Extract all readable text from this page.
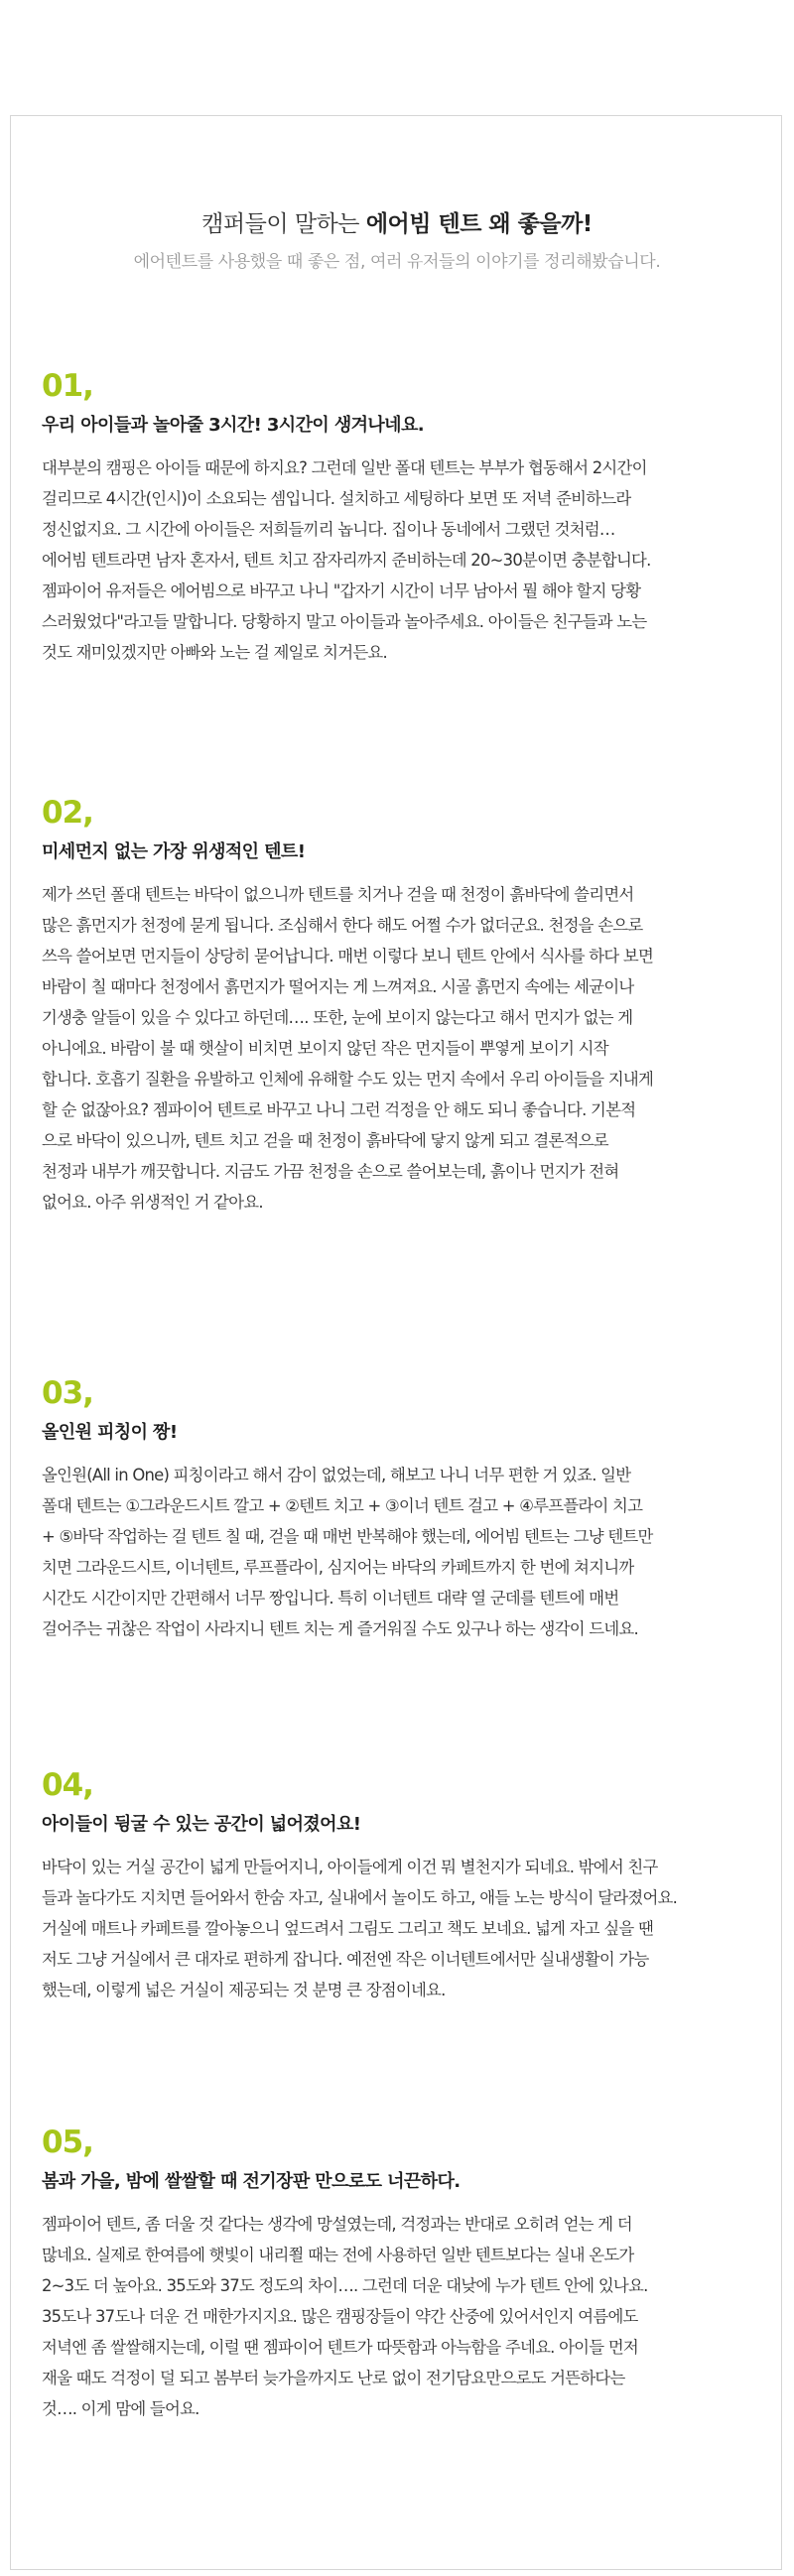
캠퍼들이 말하는 에어빔 텐트 왜 좋을까!
에어텐트를 사용했을 때 좋은 점, 여러 유저들의 이야기를 정리해봤습니다.
01,
우리 아이들과 놀아줄 3시간! 3시간이 생겨나네요.
대부분의 캠핑은 아이들 때문에 하지요? 그런데 일반 폴대 텐트는 부부가 협동해서 2시간이
걸리므로 4시간(인시)이 소요되는 셈입니다. 설치하고 세팅하다 보면 또 저녁 준비하느라
정신없지요. 그 시간에 아이들은 저희들끼리 놉니다. 집이나 동네에서 그랬던 것처럼…
에어빔 텐트라면 남자 혼자서, 텐트 치고 잠자리까지 준비하는데 20~30분이면 충분합니다.
젬파이어 유저들은 에어빔으로 바꾸고 나니 "갑자기 시간이 너무 남아서 뭘 해야 할지 당황
스러웠었다"라고들 말합니다. 당황하지 말고 아이들과 놀아주세요. 아이들은 친구들과 노는
것도 재미있겠지만 아빠와 노는 걸 제일로 치거든요.
02,
미세먼지 없는 가장 위생적인 텐트!
제가 쓰던 폴대 텐트는 바닥이 없으니까 텐트를 치거나 걷을 때 천정이 흙바닥에 쓸리면서
많은 흙먼지가 천정에 묻게 됩니다. 조심해서 한다 해도 어쩔 수가 없더군요. 천정을 손으로
쓰윽 쓸어보면 먼지들이 상당히 묻어납니다. 매번 이렇다 보니 텐트 안에서 식사를 하다 보면
바람이 칠 때마다 천정에서 흙먼지가 떨어지는 게 느껴져요. 시골 흙먼지 속에는 세균이나
기생충 알들이 있을 수 있다고 하던데…. 또한, 눈에 보이지 않는다고 해서 먼지가 없는 게
아니에요. 바람이 불 때 햇살이 비치면 보이지 않던 작은 먼지들이 뿌옇게 보이기 시작
합니다. 호흡기 질환을 유발하고 인체에 유해할 수도 있는 먼지 속에서 우리 아이들을 지내게
할 순 없잖아요? 젬파이어 텐트로 바꾸고 나니 그런 걱정을 안 해도 되니 좋습니다. 기본적
으로 바닥이 있으니까, 텐트 치고 걷을 때 천정이 흙바닥에 닿지 않게 되고 결론적으로
천정과 내부가 깨끗합니다. 지금도 가끔 천정을 손으로 쓸어보는데, 흙이나 먼지가 전혀
없어요. 아주 위생적인 거 같아요.
03,
올인원 피칭이 짱!
올인원(All in One) 피칭이라고 해서 감이 없었는데, 해보고 나니 너무 편한 거 있죠. 일반
폴대 텐트는 ①그라운드시트 깔고 + ②텐트 치고 + ③이너 텐트 걸고 + ④루프플라이 치고
+ ⑤바닥 작업하는 걸 텐트 칠 때, 걷을 때 매번 반복해야 했는데, 에어빔 텐트는 그냥 텐트만
치면 그라운드시트, 이너텐트, 루프플라이, 심지어는 바닥의 카페트까지 한 번에 쳐지니까
시간도 시간이지만 간편해서 너무 짱입니다. 특히 이너텐트 대략 열 군데를 텐트에 매번
걸어주는 귀찮은 작업이 사라지니 텐트 치는 게 즐거워질 수도 있구나 하는 생각이 드네요.
04,
아이들이 뒹굴 수 있는 공간이 넓어졌어요!
바닥이 있는 거실 공간이 넓게 만들어지니, 아이들에게 이건 뭐 별천지가 되네요. 밖에서 친구
들과 놀다가도 지치면 들어와서 한숨 자고, 실내에서 놀이도 하고, 애들 노는 방식이 달라졌어요.
거실에 매트나 카페트를 깔아놓으니 엎드려서 그림도 그리고 책도 보네요. 넓게 자고 싶을 땐
저도 그냥 거실에서 큰 대자로 편하게 잡니다. 예전엔 작은 이너텐트에서만 실내생활이 가능
했는데, 이렇게 넓은 거실이 제공되는 것 분명 큰 장점이네요.
05,
봄과 가을, 밤에 쌀쌀할 때 전기장판 만으로도 너끈하다.
젬파이어 텐트, 좀 더울 것 같다는 생각에 망설였는데, 걱정과는 반대로 오히려 얻는 게 더
많네요. 실제로 한여름에 햇빛이 내리쬘 때는 전에 사용하던 일반 텐트보다는 실내 온도가
2~3도 더 높아요. 35도와 37도 정도의 차이…. 그런데 더운 대낮에 누가 텐트 안에 있나요.
35도나 37도나 더운 건 매한가지지요. 많은 캠핑장들이 약간 산중에 있어서인지 여름에도
저녁엔 좀 쌀쌀해지는데, 이럴 땐 젬파이어 텐트가 따뜻함과 아늑함을 주네요. 아이들 먼저
재울 때도 걱정이 덜 되고 봄부터 늦가을까지도 난로 없이 전기담요만으로도 거뜬하다는
것…. 이게 맘에 들어요.
